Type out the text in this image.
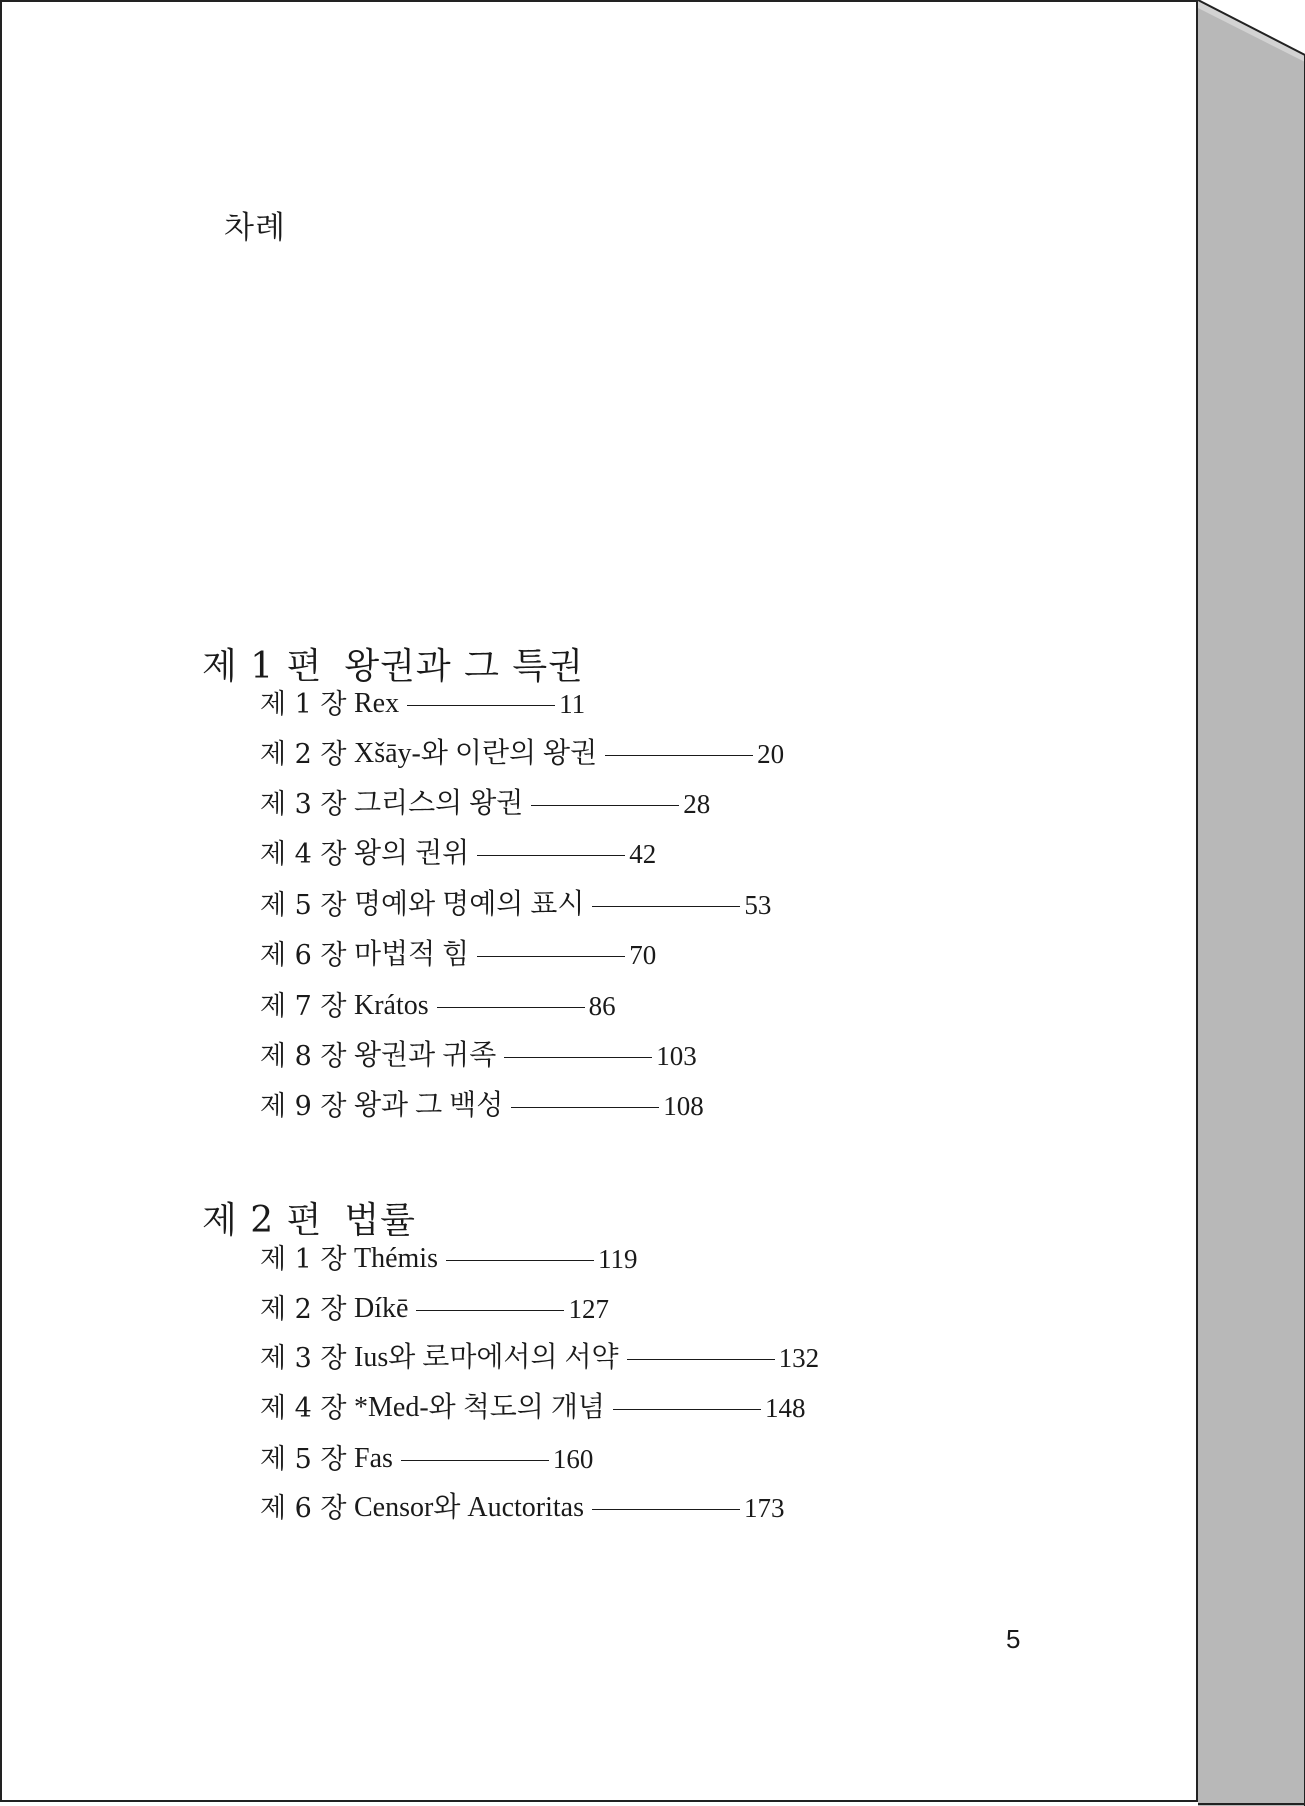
차례
제 1 편 왕권과 그 특권
제 1 장 Rex	11
제 2 장 Xšāy-와 이란의 왕권	20
제 3 장 그리스의 왕권	28
제 4 장 왕의 권위	42
제 5 장 명예와 명예의 표시	53
제 6 장 마법적 힘	70
제 7 장 Krátos	86
제 8 장 왕권과 귀족	103
제 9 장 왕과 그 백성	108
제 2 편 법률
제 1 장 Thémis	119
제 2 장 Díkē	127
제 3 장 Ius와 로마에서의 서약	132
제 4 장 *Med-와 척도의 개념	148
제 5 장 Fas	160
제 6 장 Censor와 Auctoritas	173
5
